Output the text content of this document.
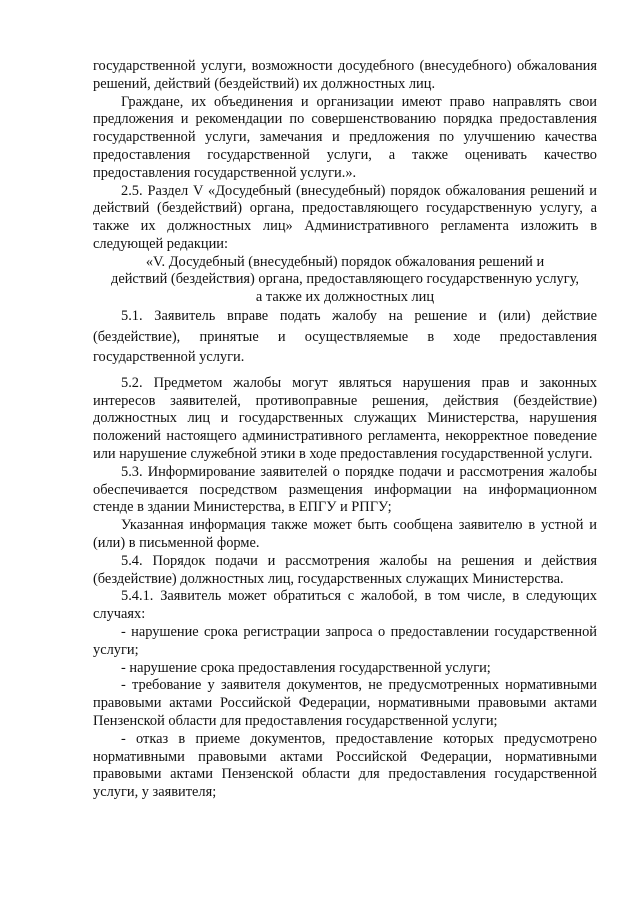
государственной услуги, возможности досудебного (внесудебного) обжалования решений, действий (бездействий) их должностных лиц.

Граждане, их объединения и организации имеют право направлять свои предложения и рекомендации по совершенствованию порядка предоставления государственной услуги, замечания и предложения по улучшению качества предоставления государственной услуги, а также оценивать качество предоставления государственной услуги.».

2.5. Раздел V «Досудебный (внесудебный) порядок обжалования решений и действий (бездействий) органа, предоставляющего государственную услугу, а также их должностных лиц» Административного регламента изложить в следующей редакции:

«V. Досудебный (внесудебный) порядок обжалования решений и
действий (бездействия) органа, предоставляющего государственную услугу,
а также их должностных лиц

5.1. Заявитель вправе подать жалобу на решение и (или) действие (бездействие), принятые и осуществляемые в ходе предоставления государственной услуги.

5.2. Предметом жалобы могут являться нарушения прав и законных интересов заявителей, противоправные решения, действия (бездействие) должностных лиц и государственных служащих Министерства, нарушения положений настоящего административного регламента, некорректное поведение или нарушение служебной этики в ходе предоставления государственной услуги.

5.3. Информирование заявителей о порядке подачи и рассмотрения жалобы обеспечивается посредством размещения информации на информационном стенде в здании Министерства, в ЕПГУ и РПГУ;

Указанная информация также может быть сообщена заявителю в устной и (или) в письменной форме.

5.4. Порядок подачи и рассмотрения жалобы на решения и действия (бездействие) должностных лиц, государственных служащих Министерства.

5.4.1. Заявитель может обратиться с жалобой, в том числе, в следующих случаях:

- нарушение срока регистрации запроса о предоставлении государственной услуги;

- нарушение срока предоставления государственной услуги;

- требование у заявителя документов, не предусмотренных нормативными правовыми актами Российской Федерации, нормативными правовыми актами Пензенской области для предоставления государственной услуги;

- отказ в приеме документов, предоставление которых предусмотрено нормативными правовыми актами Российской Федерации, нормативными правовыми актами Пензенской области для предоставления государственной услуги, у заявителя;
